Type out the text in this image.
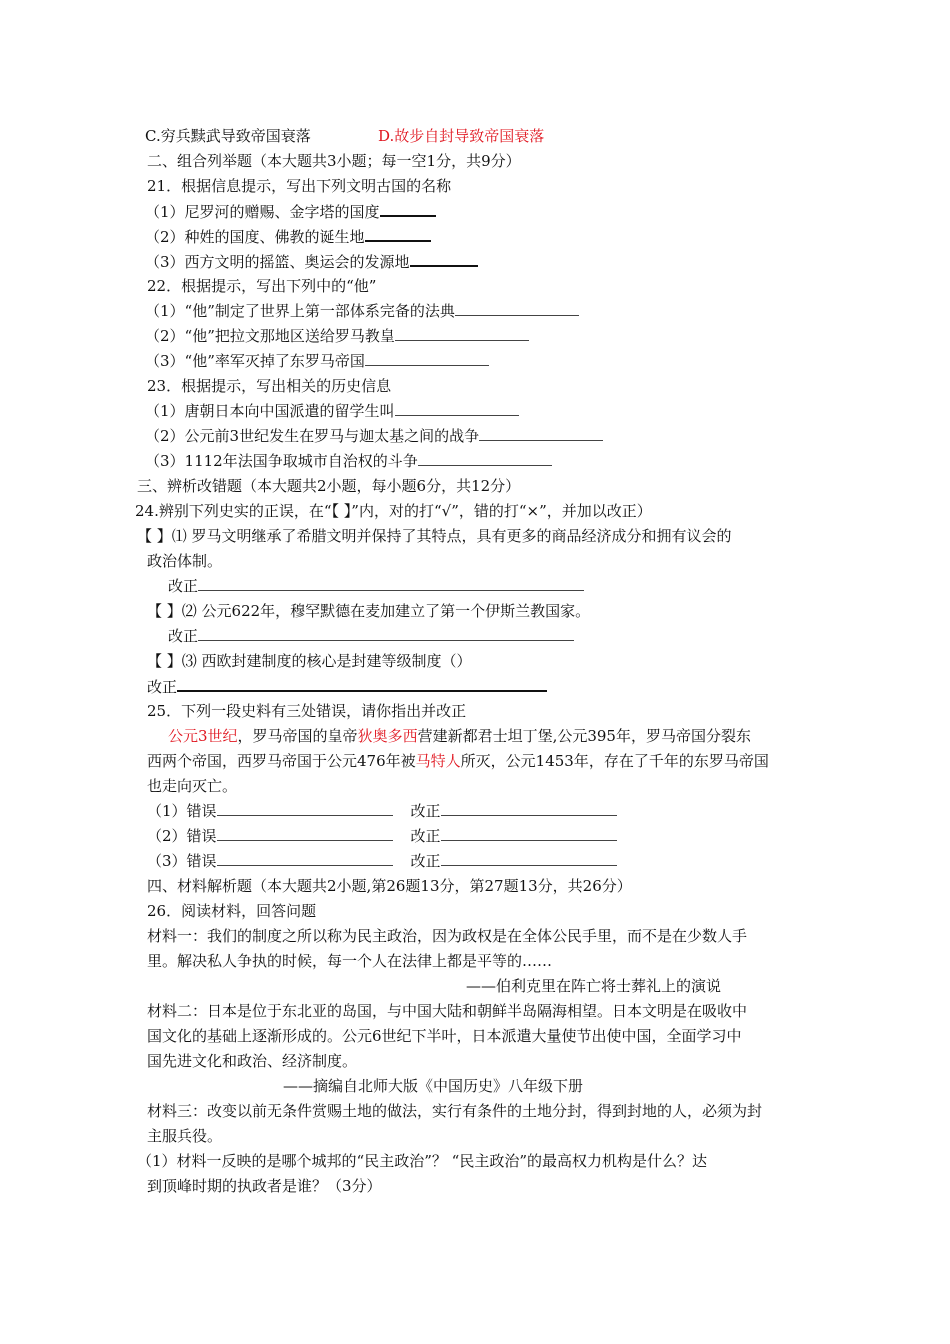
C.穷兵黩武导致帝国衰落	D.故步自封导致帝国衰落
二、组合列举题（本大题共3小题；每一空1分，共9分）
21．根据信息提示，写出下列文明古国的名称
（1）尼罗河的赠赐、金字塔的国度
（2）种姓的国度、佛教的诞生地
（3）西方文明的摇篮、奥运会的发源地
22．根据提示，写出下列中的“他”
（1）“他”制定了世界上第一部体系完备的法典
（2）“他”把拉文那地区送给罗马教皇
（3）“他”率军灭掉了东罗马帝国
23．根据提示，写出相关的历史信息
（1）唐朝日本向中国派遣的留学生叫
（2）公元前3世纪发生在罗马与迦太基之间的战争
（3）1112年法国争取城市自治权的斗争
三、辨析改错题（本大题共2小题，每小题6分，共12分）
24.辨别下列史实的正误，在“【 】”内，对的打“√”，错的打“×”，并加以改正）
【 】⑴ 罗马文明继承了希腊文明并保持了其特点，具有更多的商品经济成分和拥有议会的
政治体制。
改正
【 】⑵ 公元622年，穆罕默德在麦加建立了第一个伊斯兰教国家。
改正
【 】⑶ 西欧封建制度的核心是封建等级制度（）
改正
25．下列一段史料有三处错误，请你指出并改正
公元3世纪，罗马帝国的皇帝狄奥多西营建新都君士坦丁堡,公元395年，罗马帝国分裂东
西两个帝国，西罗马帝国于公元476年被马特人所灭，公元1453年，存在了千年的东罗马帝国
也走向灭亡。
（1）错误	改正
（2）错误	改正
（3）错误	改正
四、材料解析题（本大题共2小题,第26题13分，第27题13分，共26分）
26．阅读材料，回答问题
材料一：我们的制度之所以称为民主政治，因为政权是在全体公民手里，而不是在少数人手
里。解决私人争执的时候，每一个人在法律上都是平等的……
——伯利克里在阵亡将士葬礼上的演说
材料二：日本是位于东北亚的岛国，与中国大陆和朝鲜半岛隔海相望。日本文明是在吸收中
国文化的基础上逐渐形成的。公元6世纪下半叶，日本派遣大量使节出使中国，全面学习中
国先进文化和政治、经济制度。
——摘编自北师大版《中国历史》八年级下册
材料三：改变以前无条件赏赐土地的做法，实行有条件的土地分封，得到封地的人，必须为封
主服兵役。
（1）材料一反映的是哪个城邦的“民主政治”？ “民主政治”的最高权力机构是什么？达
到顶峰时期的执政者是谁？（3分）
